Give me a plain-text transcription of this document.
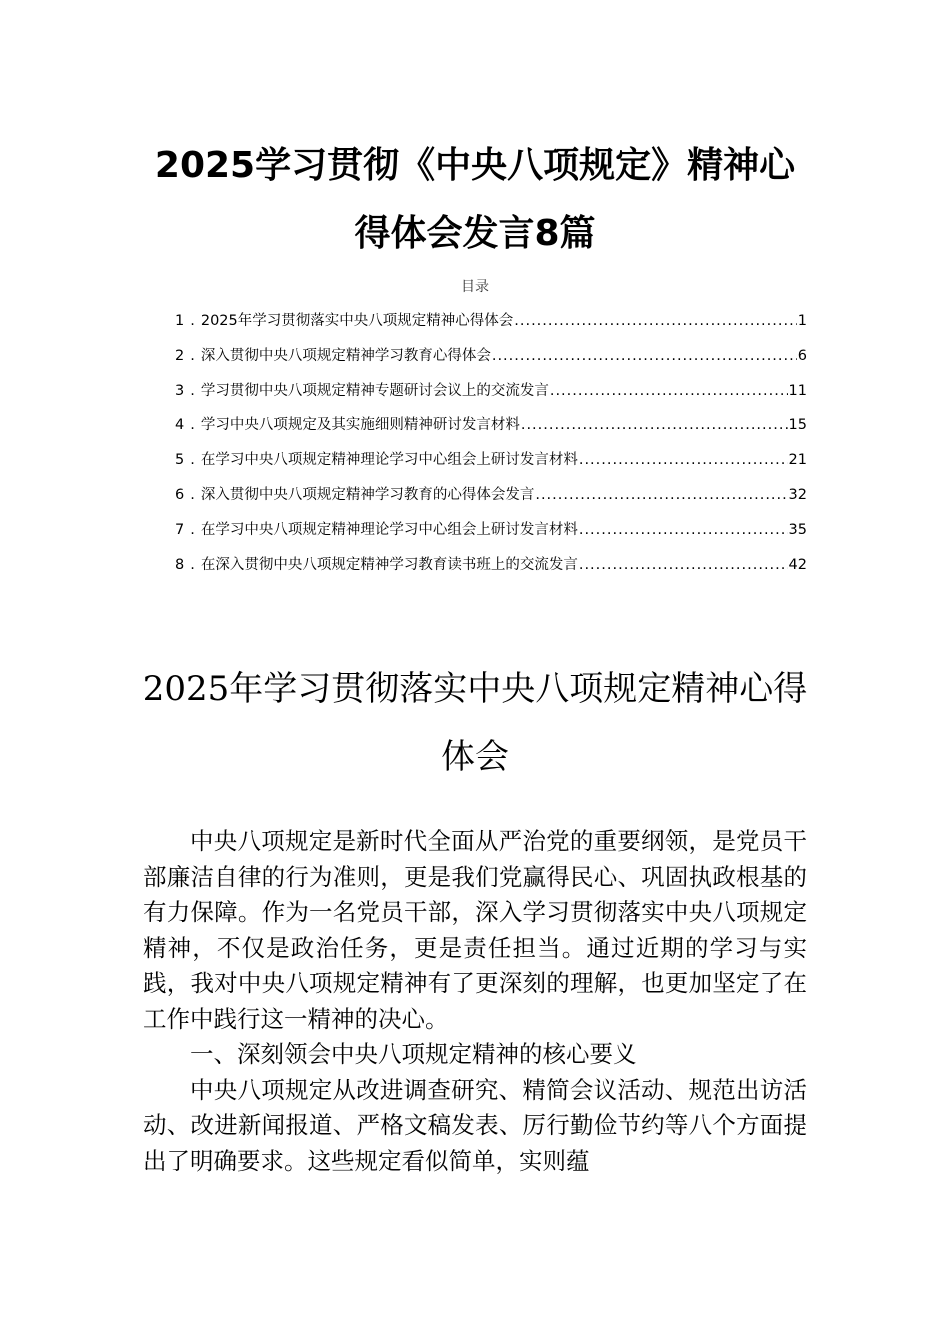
2025学习贯彻《中央八项规定》精神心得体会发言8篇
目录
1 . 2025年学习贯彻落实中央八项规定精神心得体会 .....	1
2 . 深入贯彻中央八项规定精神学习教育心得体会 .....	6
3 . 学习贯彻中央八项规定精神专题研讨会议上的交流发言 .....	11
4 . 学习中央八项规定及其实施细则精神研讨发言材料 .....	15
5 . 在学习中央八项规定精神理论学习中心组会上研讨发言材料 .....	21
6 . 深入贯彻中央八项规定精神学习教育的心得体会发言 .....	32
7 . 在学习中央八项规定精神理论学习中心组会上研讨发言材料 .....	35
8 . 在深入贯彻中央八项规定精神学习教育读书班上的交流发言 .....	42
2025年学习贯彻落实中央八项规定精神心得体会

中央八项规定是新时代全面从严治党的重要纲领，是党员干部廉洁自律的行为准则，更是我们党赢得民心、巩固执政根基的有力保障。作为一名党员干部，深入学习贯彻落实中央八项规定精神，不仅是政治任务，更是责任担当。通过近期的学习与实践，我对中央八项规定精神有了更深刻的理解，也更加坚定了在工作中践行这一精神的决心。

一、深刻领会中央八项规定精神的核心要义

中央八项规定从改进调查研究、精简会议活动、规范出访活动、改进新闻报道、严格文稿发表、厉行勤俭节约等八个方面提出了明确要求。这些规定看似简单，实则蕴
